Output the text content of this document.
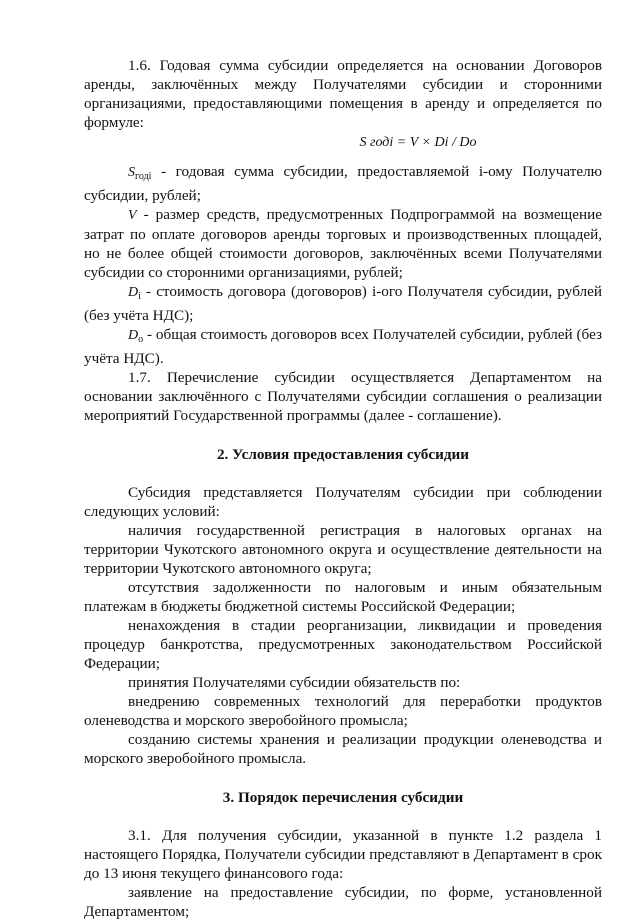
1.6. Годовая сумма субсидии определяется на основании Договоров аренды, заключённых между Получателями субсидии и сторонними организациями, предоставляющими помещения в аренду и определяется по формуле:

S годi = V × Di / Do

$S_{годi}$ - годовая сумма субсидии, предоставляемой i-ому Получателю субсидии, рублей;

V - размер средств, предусмотренных Подпрограммой на возмещение затрат по оплате договоров аренды торговых и производственных площадей, но не более общей стоимости договоров, заключённых всеми Получателями субсидии со сторонними организациями, рублей;

$D_i$ - стоимость договора (договоров) i-ого Получателя субсидии, рублей (без учёта НДС);

$D_о$ - общая стоимость договоров всех Получателей субсидии, рублей (без учёта НДС).

1.7. Перечисление субсидии осуществляется Департаментом на основании заключённого с Получателями субсидии соглашения о реализации мероприятий Государственной программы (далее - соглашение).

2. Условия предоставления субсидии

Субсидия представляется Получателям субсидии при соблюдении следующих условий:

наличия государственной регистрация в налоговых органах на территории Чукотского автономного округа и осуществление деятельности на территории Чукотского автономного округа;

отсутствия задолженности по налоговым и иным обязательным платежам в бюджеты бюджетной системы Российской Федерации;

ненахождения в стадии реорганизации, ликвидации и проведения процедур банкротства, предусмотренных законодательством Российской Федерации;

принятия Получателями субсидии обязательств по:

внедрению современных технологий для переработки продуктов оленеводства и морского зверобойного промысла;

созданию системы хранения и реализации продукции оленеводства и морского зверобойного промысла.

3. Порядок перечисления субсидии

3.1. Для получения субсидии, указанной в пункте 1.2 раздела 1 настоящего Порядка, Получатели субсидии представляют в Департамент в срок до 13 июня текущего финансового года:

заявление на предоставление субсидии, по форме, установленной Департаментом;
